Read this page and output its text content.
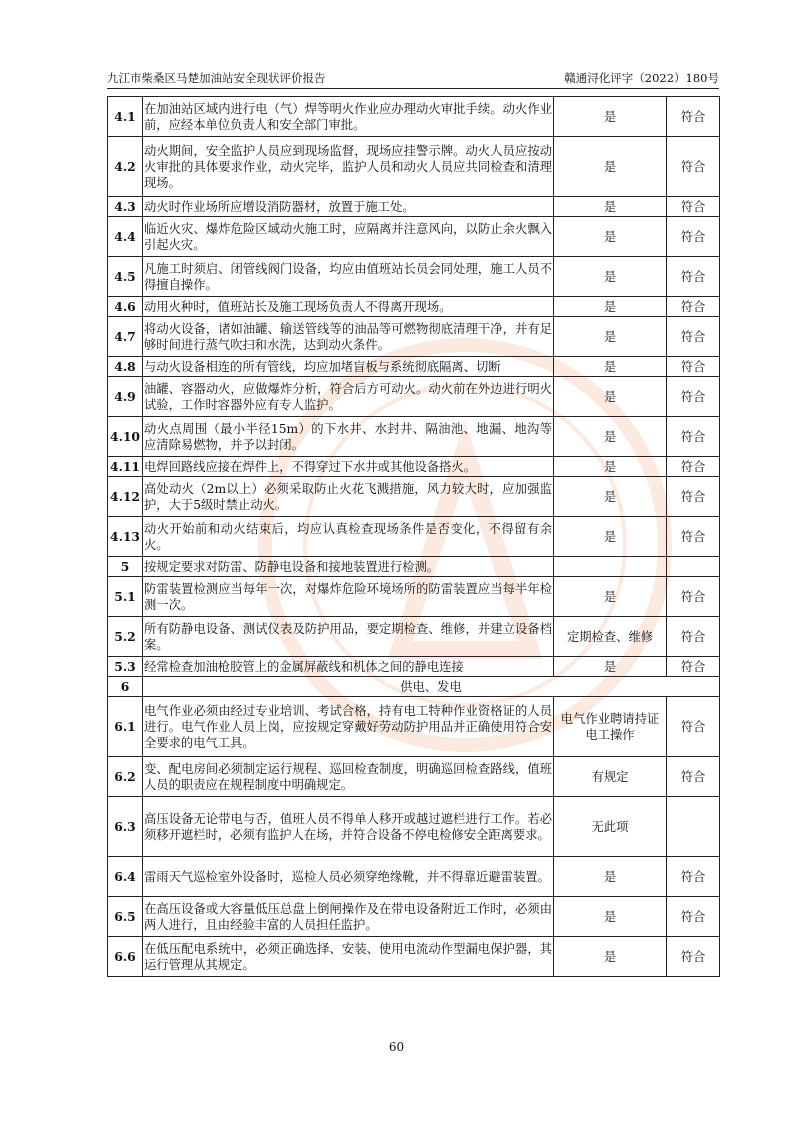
九江市柴桑区马楚加油站安全现状评价报告	赣通浔化评字（2022）180号
4.1	在加油站区域内进行电（气）焊等明火作业应办理动火审批手续。动火作业前，应经本单位负责人和安全部门审批。	是	符合
4.2	动火期间，安全监护人员应到现场监督，现场应挂警示牌。动火人员应按动火审批的具体要求作业，动火完毕，监护人员和动火人员应共同检查和清理现场。	是	符合
4.3	动火时作业场所应增设消防器材，放置于施工处。	是	符合
4.4	临近火灾、爆炸危险区域动火施工时，应隔离并注意风向，以防止余火飘入引起火灾。	是	符合
4.5	凡施工时须启、闭管线阀门设备，均应由值班站长员会同处理，施工人员不得擅自操作。	是	符合
4.6	动用火种时，值班站长及施工现场负责人不得离开现场。	是	符合
4.7	将动火设备，诸如油罐、输送管线等的油品等可燃物彻底清理干净，并有足够时间进行蒸气吹扫和水洗，达到动火条件。	是	符合
4.8	与动火设备相连的所有管线，均应加堵盲板与系统彻底隔离、切断	是	符合
4.9	油罐、容器动火，应做爆炸分析，符合后方可动火。动火前在外边进行明火试验，工作时容器外应有专人监护。	是	符合
4.10	动火点周围（最小半径15m）的下水井、水封井、隔油池、地漏、地沟等应清除易燃物，并予以封闭。	是	符合
4.11	电焊回路线应接在焊件上，不得穿过下水井或其他设备搭火。	是	符合
4.12	高处动火（2m以上）必须采取防止火花飞溅措施，风力较大时，应加强监护，大于5级时禁止动火。	是	符合
4.13	动火开始前和动火结束后，均应认真检查现场条件是否变化，不得留有余火。	是	符合
5	按规定要求对防雷、防静电设备和接地装置进行检测。		
5.1	防雷装置检测应当每年一次，对爆炸危险环境场所的防雷装置应当每半年检测一次。	是	符合
5.2	所有防静电设备、测试仪表及防护用品，要定期检查、维修，并建立设备档案。	定期检查、维修	符合
5.3	经常检查加油枪胶管上的金属屏蔽线和机体之间的静电连接	是	符合
6	供电、发电		
6.1	电气作业必须由经过专业培训、考试合格，持有电工特种作业资格证的人员进行。电气作业人员上岗，应按规定穿戴好劳动防护用品并正确使用符合安全要求的电气工具。	电气作业聘请持证电工操作	符合
6.2	变、配电房间必须制定运行规程、巡回检查制度，明确巡回检查路线，值班人员的职责应在规程制度中明确规定。	有规定	符合
6.3	高压设备无论带电与否，值班人员不得单人移开或越过遮栏进行工作。若必须移开遮栏时，必须有监护人在场，并符合设备不停电检修安全距离要求。	无此项	
6.4	雷雨天气巡检室外设备时，巡检人员必须穿绝缘靴，并不得靠近避雷装置。	是	符合
6.5	在高压设备或大容量低压总盘上倒闸操作及在带电设备附近工作时，必须由两人进行，且由经验丰富的人员担任监护。	是	符合
6.6	在低压配电系统中，必须正确选择、安装、使用电流动作型漏电保护器，其运行管理从其规定。	是	符合
60
